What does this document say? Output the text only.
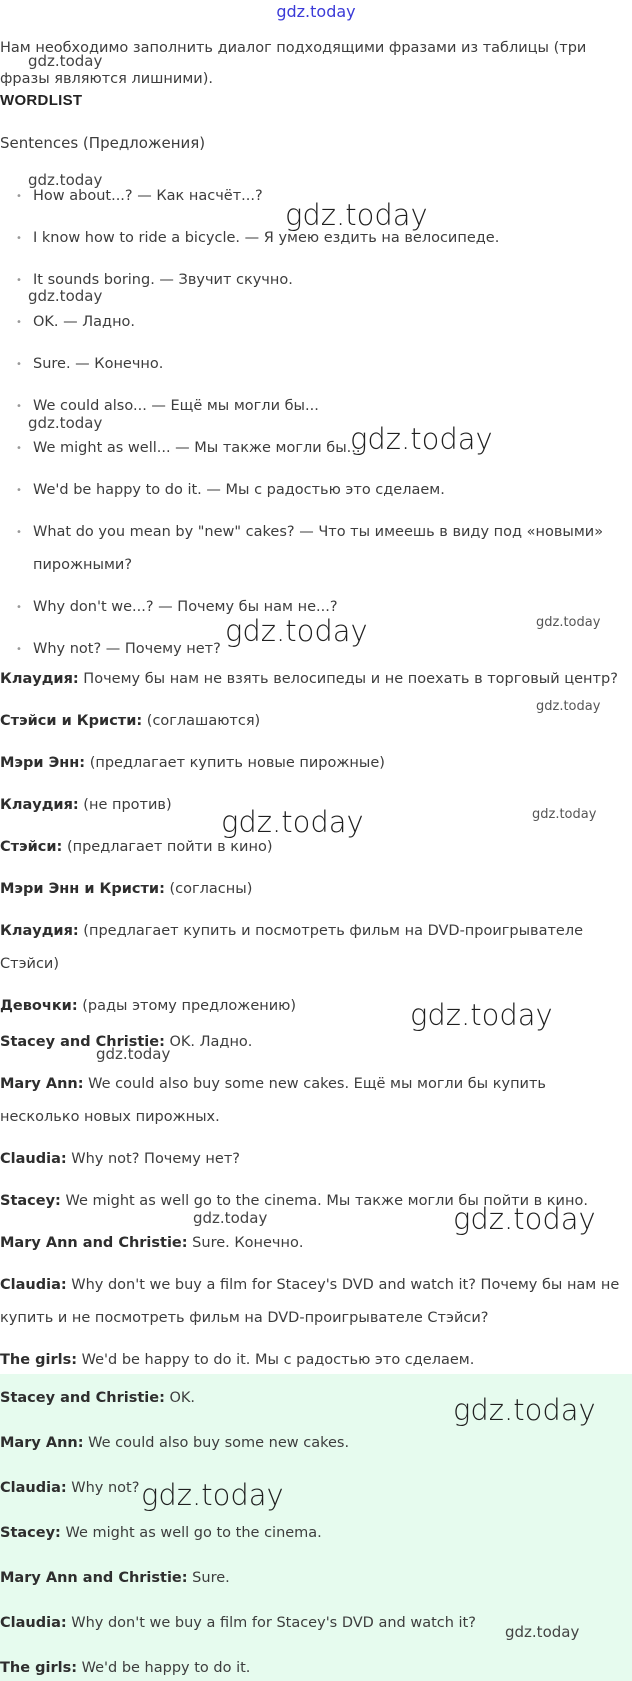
gdz.today

Нам необходимо заполнить диалог подходящими фразами из таблицы (три фразы являются лишними).

WORDLIST

Sentences (Предложения)

• How about...? — Как насчёт...?
• I know how to ride a bicycle. — Я умею ездить на велосипеде.
• It sounds boring. — Звучит скучно.
• OK. — Ладно.
• Sure. — Конечно.
• We could also... — Ещё мы могли бы...
• We might as well... — Мы также могли бы...
• We'd be happy to do it. — Мы с радостью это сделаем.
• What do you mean by "new" cakes? — Что ты имеешь в виду под «новыми» пирожными?
• Why don't we...? — Почему бы нам не...?
• Why not? — Почему нет?

Клаудия: Почему бы нам не взять велосипеды и не поехать в торговый центр?

Стэйси и Кристи: (соглашаются)

Мэри Энн: (предлагает купить новые пирожные)

Клаудия: (не против)

Стэйси: (предлагает пойти в кино)

Мэри Энн и Кристи: (согласны)

Клаудия: (предлагает купить и посмотреть фильм на DVD-проигрывателе Стэйси)

Девочки: (рады этому предложению)

Stacey and Christie: OK. Ладно.

Mary Ann: We could also buy some new cakes. Ещё мы могли бы купить несколько новых пирожных.

Claudia: Why not? Почему нет?

Stacey: We might as well go to the cinema. Мы также могли бы пойти в кино.

Mary Ann and Christie: Sure. Конечно.

Claudia: Why don't we buy a film for Stacey's DVD and watch it? Почему бы нам не купить и не посмотреть фильм на DVD-проигрывателе Стэйси?

The girls: We'd be happy to do it. Мы с радостью это сделаем.

Stacey and Christie: OK.

Mary Ann: We could also buy some new cakes.

Claudia: Why not?

Stacey: We might as well go to the cinema.

Mary Ann and Christie: Sure.

Claudia: Why don't we buy a film for Stacey's DVD and watch it?

The girls: We'd be happy to do it.

gdz.today
gdz.today
gdz.today
gdz.today
gdz.today	gdz.today
gdz.today	gdz.today
gdz.today
gdz.today
gdz.today
gdz.today
gdz.today
gdz.today	gdz.today
gdz.today
gdz.today
gdz.today
